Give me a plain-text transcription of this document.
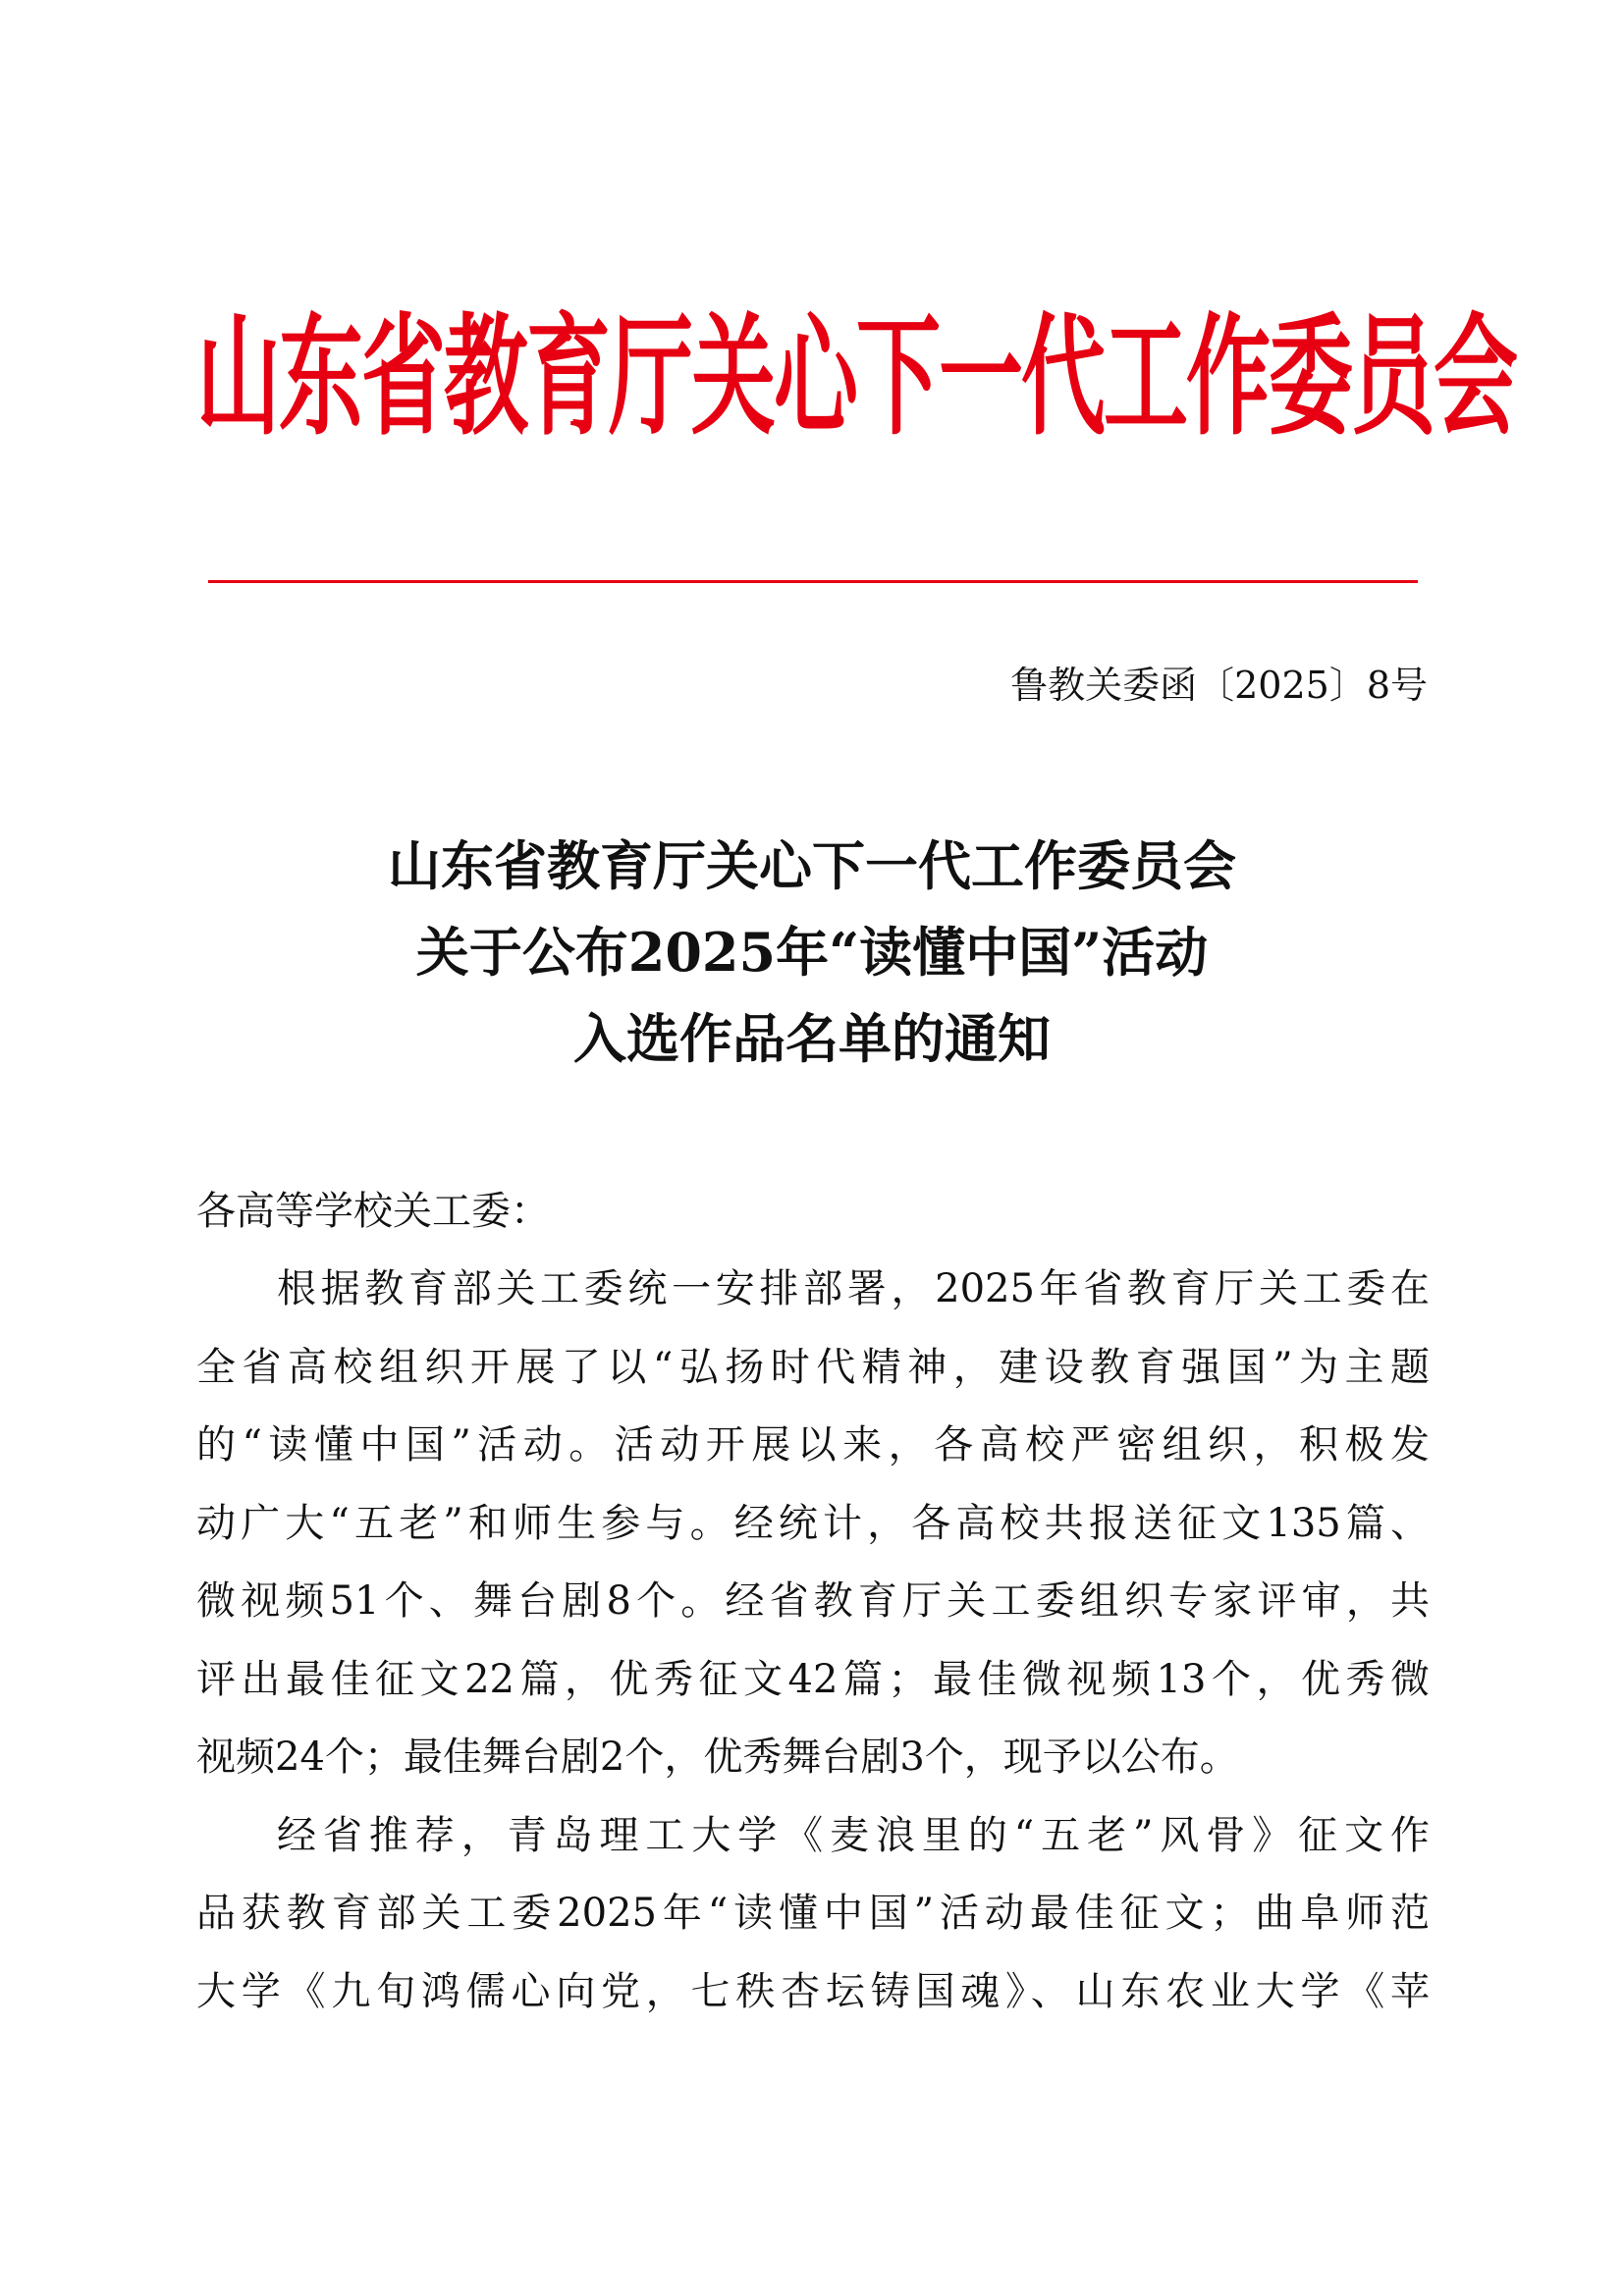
山东省教育厅关心下一代工作委员会
鲁教关委函〔2025〕8号
山东省教育厅关心下一代工作委员会
关于公布2025年“读懂中国”活动
入选作品名单的通知
各高等学校关工委：
根据教育部关工委统一安排部署，2025年省教育厅关工委在
全省高校组织开展了以“弘扬时代精神，建设教育强国”为主题
的“读懂中国”活动。活动开展以来，各高校严密组织，积极发
动广大“五老”和师生参与。经统计，各高校共报送征文135篇、
微视频51个、舞台剧8个。经省教育厅关工委组织专家评审，共
评出最佳征文22篇，优秀征文42篇；最佳微视频13个，优秀微
视频24个；最佳舞台剧2个，优秀舞台剧3个，现予以公布。
经省推荐，青岛理工大学《麦浪里的“五老”风骨》征文作
品获教育部关工委2025年“读懂中国”活动最佳征文；曲阜师范
大学《九旬鸿儒心向党，七秩杏坛铸国魂》、山东农业大学《苹
